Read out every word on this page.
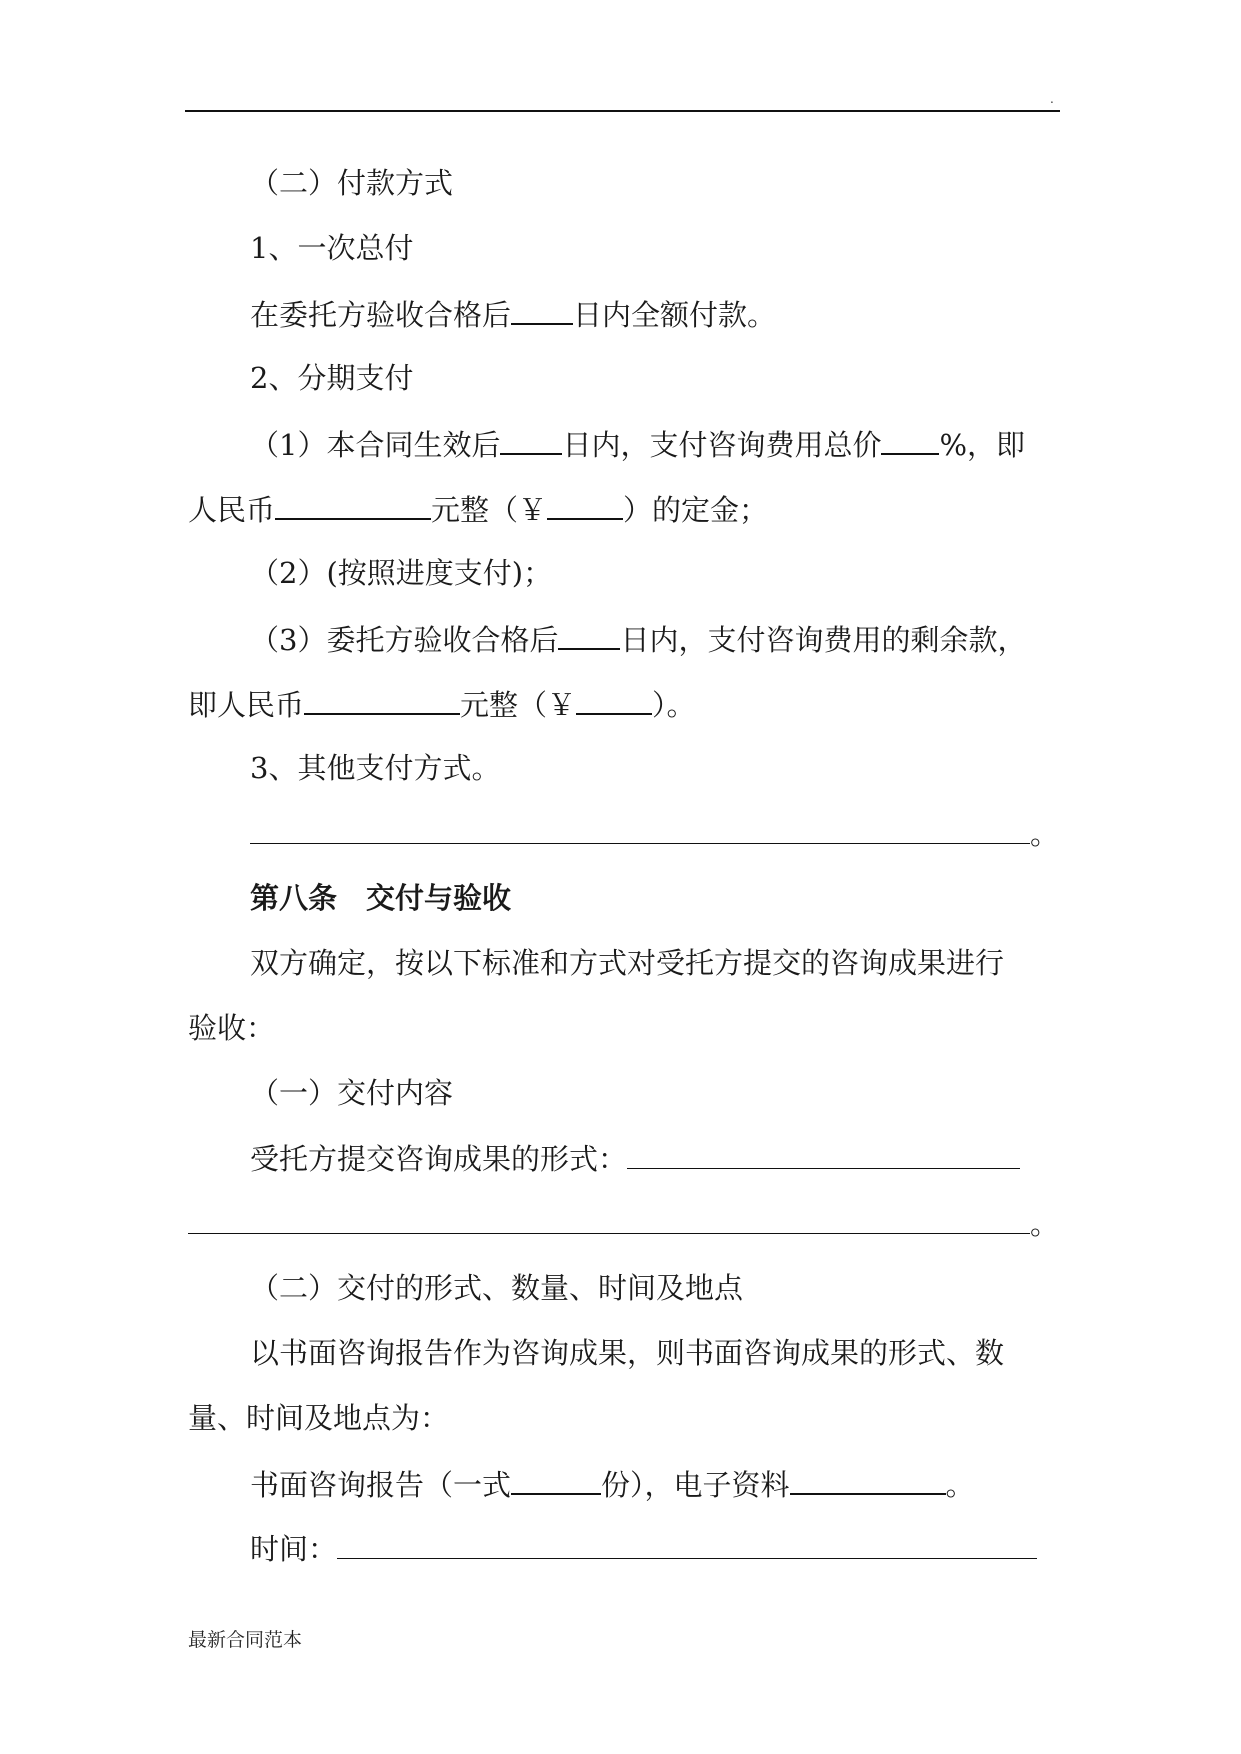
.
（二）付款方式
1、一次总付
在委托方验收合格后 日内全额付款。
2、分期支付
（1）本合同生效后 日内，支付咨询费用总价 %，即
人民币	元整（￥	）的定金；
（2）(按照进度支付)；
（3）委托方验收合格后 日内，支付咨询费用的剩余款，
即人民币	元整（￥	）。
3、其他支付方式。
。
第八条　交付与验收
双方确定，按以下标准和方式对受托方提交的咨询成果进行
验收：
（一）交付内容
受托方提交咨询成果的形式：
。
（二）交付的形式、数量、时间及地点
以书面咨询报告作为咨询成果，则书面咨询成果的形式、数
量、时间及地点为：
书面咨询报告（一式	份），电子资料	。
时间：
最新合同范本
